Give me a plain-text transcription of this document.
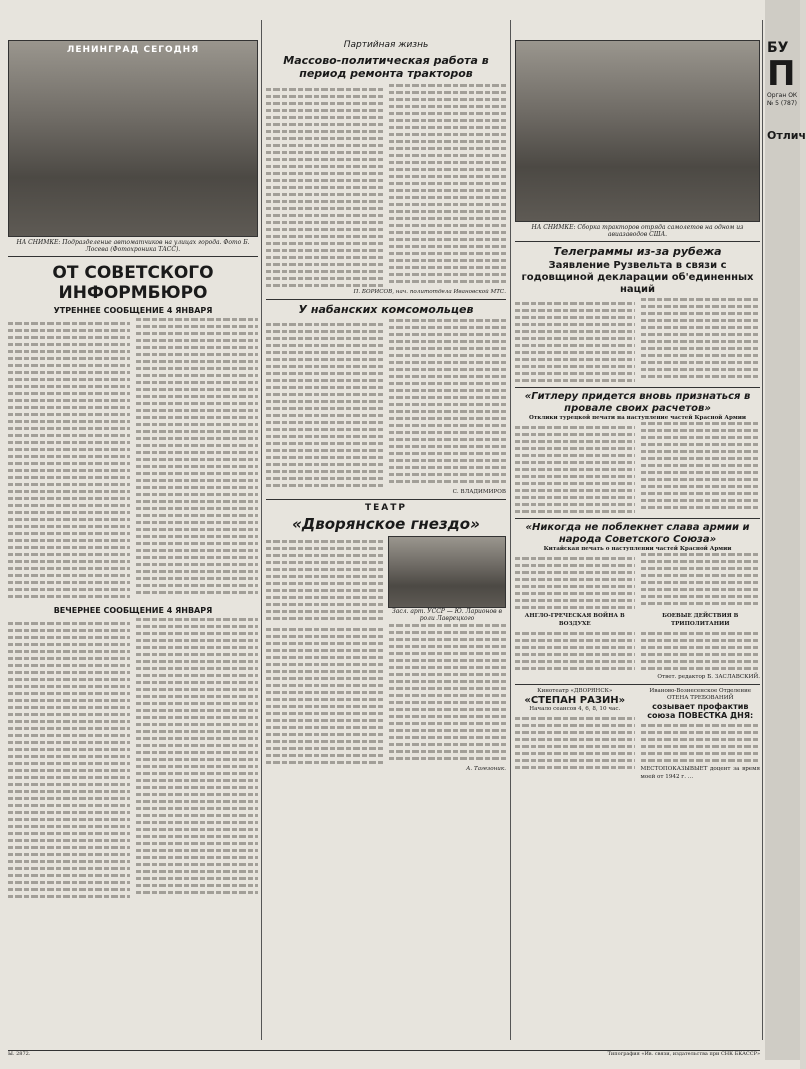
ЛЕНИНГРАД СЕГОДНЯ
НА СНИМКЕ: Подразделение автоматчиков на улицах города. Фото Б. Лосева (Фотохроника ТАСС).
ОТ СОВЕТСКОГО ИНФОРМБЮРО
УТРЕННЕЕ СООБЩЕНИЕ 4 ЯНВАРЯ
ВЕЧЕРНЕЕ СООБЩЕНИЕ 4 ЯНВАРЯ
Партийная жизнь
Массово-политическая работа в период ремонта тракторов
П. БОРИСОВ, нач. политотдела Ивановской МТС.
У набанских комсомольцев
С. ВЛАДИМИРОВ
ТЕАТР
«Дворянское гнездо»
Засл. арт. УССР — Ю. Ларионов в роли Лаврецкого
А. Тагезоник.
НА СНИМКЕ: Сборка тракторов отряда самолетов на одном из авиазаводов США.
Телеграммы из-за рубежа
Заявление Рузвельта в связи с годовщиной декларации об'единенных наций
«Гитлеру придется вновь признаться в провале своих расчетов»
Отклики турецкой печати на наступление частей Красной Армии
«Никогда не поблекнет слава армии и народа Советского Союза»
Китайская печать о наступлении частей Красной Армии
АНГЛО-ГРЕЧЕСКАЯ ВОЙНА В ВОЗДУХЕ
БОЕВЫЕ ДЕЙСТВИЯ В ТРИПОЛИТАНИИ
Ответ. редактор Б. ЗАСЛАВСКИЙ.
Кинотеатр «ДВОРЯНСК»
«СТЕПАН РАЗИН»
Начало сеансов 4, 6, 8, 10 час.
Иваново-Вознесенское Отделение ОТЕНА ТРЕБОВАНИЙ
созывает профактив союза ПОВЕСТКА ДНЯ:
МЕСТОПОКАЗЫВЫЕТ доцент за время моей от 1942 г. ...
БУ
П
Орган ОК
№ 5 (787)
Отлич
Ы. 2872.	Типография «Ив. связи, издательства при СНК БКАССР»
